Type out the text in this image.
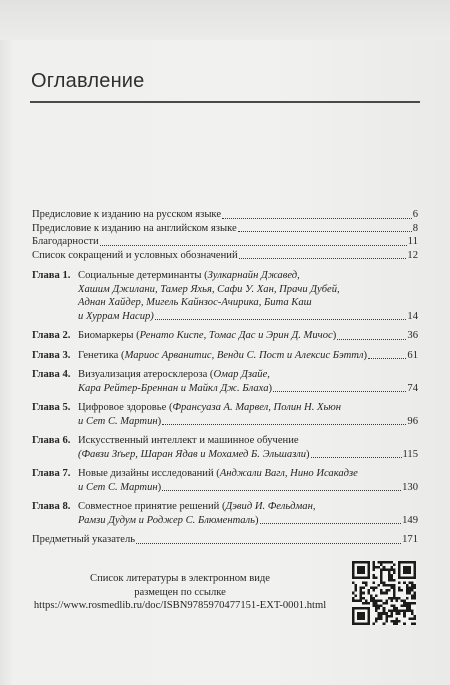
Оглавление
Предисловие к изданию на русском языке	6
Предисловие к изданию на английском языке	8
Благодарности	11
Список сокращений и условных обозначений	12
Глава 1. Социальные детерминанты (Зулкарнайн Джавед,
Хашим Джилани, Тамер Яхья, Сафи У. Хан, Прачи Дубей,
Аднан Хайдер, Мигель Кайнзос-Ачирика, Бита Каш
и Хуррам Насир)	14
Глава 2. Биомаркеры (Ренато Киспе, Томас Дас и Эрин Д. Мичос)	36
Глава 3. Генетика (Мариос Арванитис, Венди С. Пост и Алексис Бэттл)	61
Глава 4. Визуализация атеросклероза (Омар Дзайе,
Кара Рейтер-Бреннан и Майкл Дж. Блаха)	74
Глава 5. Цифровое здоровье (Франсуаза А. Марвел, Полин Н. Хьюн
и Сет С. Мартин)	96
Глава 6. Искусственный интеллект и машинное обучение
(Фавзи Зґьер, Шаран Ядав и Мохамед Б. Эльшазли)	115
Глава 7. Новые дизайны исследований (Анджали Вагл, Нино Исакадзе
и Сет С. Мартин)	130
Глава 8. Совместное принятие решений (Дэвид И. Фельдман,
Рамзи Дудум и Роджер С. Блюментaль)	149
Предметный указатель	171
Список литературы в электронном виде
размещен по ссылке
https://www.rosmedlib.ru/doc/ISBN9785970477151-EXT-0001.html
